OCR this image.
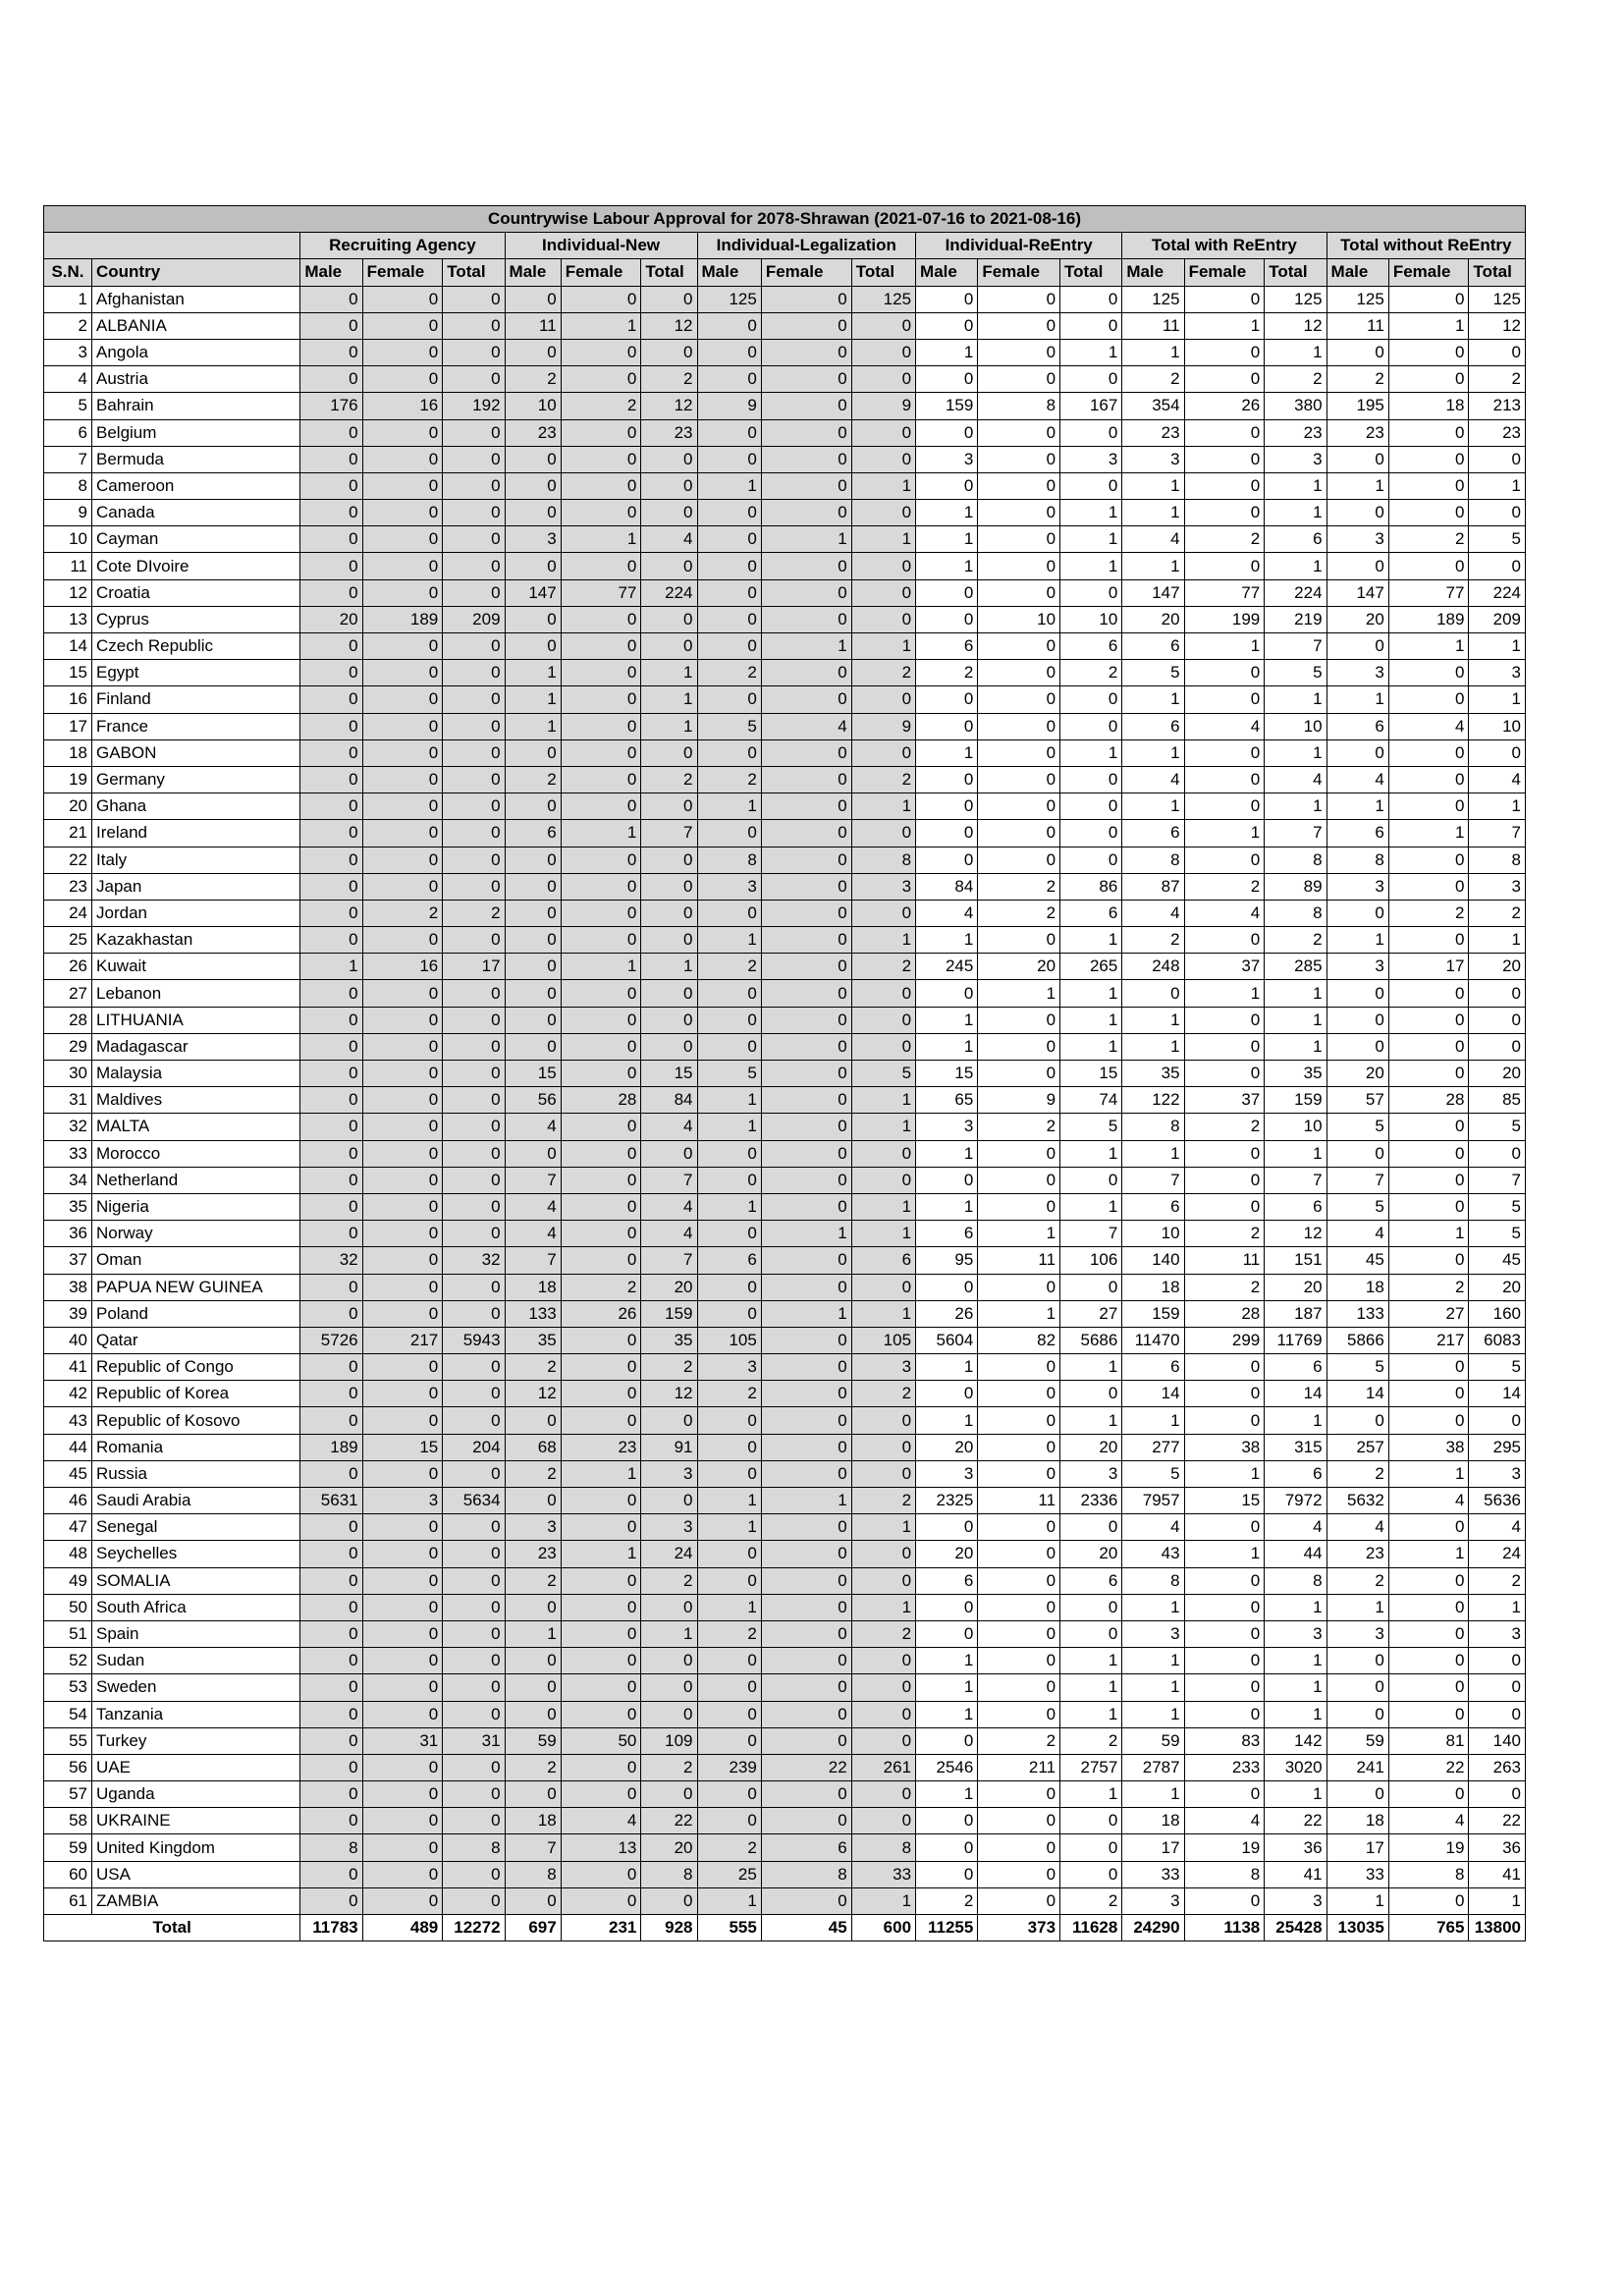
Countrywise Labour Approval for 2078-Shrawan (2021-07-16 to 2021-08-16)																			
		Recruiting Agency			Individual-New			Individual-Legalization			Individual-ReEntry			Total with ReEntry			Total without ReEntry		
S.N.	Country	Male	Female	Total	Male	Female	Total	Male	Female	Total	Male	Female	Total	Male	Female	Total	Male	Female	Total
1	Afghanistan	0	0	0	0	0	0	125	0	125	0	0	0	125	0	125	125	0	125
2	ALBANIA	0	0	0	11	1	12	0	0	0	0	0	0	11	1	12	11	1	12
3	Angola	0	0	0	0	0	0	0	0	0	1	0	1	1	0	1	0	0	0
4	Austria	0	0	0	2	0	2	0	0	0	0	0	0	2	0	2	2	0	2
5	Bahrain	176	16	192	10	2	12	9	0	9	159	8	167	354	26	380	195	18	213
6	Belgium	0	0	0	23	0	23	0	0	0	0	0	0	23	0	23	23	0	23
7	Bermuda	0	0	0	0	0	0	0	0	0	3	0	3	3	0	3	0	0	0
8	Cameroon	0	0	0	0	0	0	1	0	1	0	0	0	1	0	1	1	0	1
9	Canada	0	0	0	0	0	0	0	0	0	1	0	1	1	0	1	0	0	0
10	Cayman	0	0	0	3	1	4	0	1	1	1	0	1	4	2	6	3	2	5
11	Cote DIvoire	0	0	0	0	0	0	0	0	0	1	0	1	1	0	1	0	0	0
12	Croatia	0	0	0	147	77	224	0	0	0	0	0	0	147	77	224	147	77	224
13	Cyprus	20	189	209	0	0	0	0	0	0	0	10	10	20	199	219	20	189	209
14	Czech Republic	0	0	0	0	0	0	0	1	1	6	0	6	6	1	7	0	1	1
15	Egypt	0	0	0	1	0	1	2	0	2	2	0	2	5	0	5	3	0	3
16	Finland	0	0	0	1	0	1	0	0	0	0	0	0	1	0	1	1	0	1
17	France	0	0	0	1	0	1	5	4	9	0	0	0	6	4	10	6	4	10
18	GABON	0	0	0	0	0	0	0	0	0	1	0	1	1	0	1	0	0	0
19	Germany	0	0	0	2	0	2	2	0	2	0	0	0	4	0	4	4	0	4
20	Ghana	0	0	0	0	0	0	1	0	1	0	0	0	1	0	1	1	0	1
21	Ireland	0	0	0	6	1	7	0	0	0	0	0	0	6	1	7	6	1	7
22	Italy	0	0	0	0	0	0	8	0	8	0	0	0	8	0	8	8	0	8
23	Japan	0	0	0	0	0	0	3	0	3	84	2	86	87	2	89	3	0	3
24	Jordan	0	2	2	0	0	0	0	0	0	4	2	6	4	4	8	0	2	2
25	Kazakhastan	0	0	0	0	0	0	1	0	1	1	0	1	2	0	2	1	0	1
26	Kuwait	1	16	17	0	1	1	2	0	2	245	20	265	248	37	285	3	17	20
27	Lebanon	0	0	0	0	0	0	0	0	0	0	1	1	0	1	1	0	0	0
28	LITHUANIA	0	0	0	0	0	0	0	0	0	1	0	1	1	0	1	0	0	0
29	Madagascar	0	0	0	0	0	0	0	0	0	1	0	1	1	0	1	0	0	0
30	Malaysia	0	0	0	15	0	15	5	0	5	15	0	15	35	0	35	20	0	20
31	Maldives	0	0	0	56	28	84	1	0	1	65	9	74	122	37	159	57	28	85
32	MALTA	0	0	0	4	0	4	1	0	1	3	2	5	8	2	10	5	0	5
33	Morocco	0	0	0	0	0	0	0	0	0	1	0	1	1	0	1	0	0	0
34	Netherland	0	0	0	7	0	7	0	0	0	0	0	0	7	0	7	7	0	7
35	Nigeria	0	0	0	4	0	4	1	0	1	1	0	1	6	0	6	5	0	5
36	Norway	0	0	0	4	0	4	0	1	1	6	1	7	10	2	12	4	1	5
37	Oman	32	0	32	7	0	7	6	0	6	95	11	106	140	11	151	45	0	45
38	PAPUA NEW GUINEA	0	0	0	18	2	20	0	0	0	0	0	0	18	2	20	18	2	20
39	Poland	0	0	0	133	26	159	0	1	1	26	1	27	159	28	187	133	27	160
40	Qatar	5726	217	5943	35	0	35	105	0	105	5604	82	5686	11470	299	11769	5866	217	6083
41	Republic of Congo	0	0	0	2	0	2	3	0	3	1	0	1	6	0	6	5	0	5
42	Republic of Korea	0	0	0	12	0	12	2	0	2	0	0	0	14	0	14	14	0	14
43	Republic of Kosovo	0	0	0	0	0	0	0	0	0	1	0	1	1	0	1	0	0	0
44	Romania	189	15	204	68	23	91	0	0	0	20	0	20	277	38	315	257	38	295
45	Russia	0	0	0	2	1	3	0	0	0	3	0	3	5	1	6	2	1	3
46	Saudi Arabia	5631	3	5634	0	0	0	1	1	2	2325	11	2336	7957	15	7972	5632	4	5636
47	Senegal	0	0	0	3	0	3	1	0	1	0	0	0	4	0	4	4	0	4
48	Seychelles	0	0	0	23	1	24	0	0	0	20	0	20	43	1	44	23	1	24
49	SOMALIA	0	0	0	2	0	2	0	0	0	6	0	6	8	0	8	2	0	2
50	South Africa	0	0	0	0	0	0	1	0	1	0	0	0	1	0	1	1	0	1
51	Spain	0	0	0	1	0	1	2	0	2	0	0	0	3	0	3	3	0	3
52	Sudan	0	0	0	0	0	0	0	0	0	1	0	1	1	0	1	0	0	0
53	Sweden	0	0	0	0	0	0	0	0	0	1	0	1	1	0	1	0	0	0
54	Tanzania	0	0	0	0	0	0	0	0	0	1	0	1	1	0	1	0	0	0
55	Turkey	0	31	31	59	50	109	0	0	0	0	2	2	59	83	142	59	81	140
56	UAE	0	0	0	2	0	2	239	22	261	2546	211	2757	2787	233	3020	241	22	263
57	Uganda	0	0	0	0	0	0	0	0	0	1	0	1	1	0	1	0	0	0
58	UKRAINE	0	0	0	18	4	22	0	0	0	0	0	0	18	4	22	18	4	22
59	United Kingdom	8	0	8	7	13	20	2	6	8	0	0	0	17	19	36	17	19	36
60	USA	0	0	0	8	0	8	25	8	33	0	0	0	33	8	41	33	8	41
61	ZAMBIA	0	0	0	0	0	0	1	0	1	2	0	2	3	0	3	1	0	1
Total		11783	489	12272	697	231	928	555	45	600	11255	373	11628	24290	1138	25428	13035	765	13800
